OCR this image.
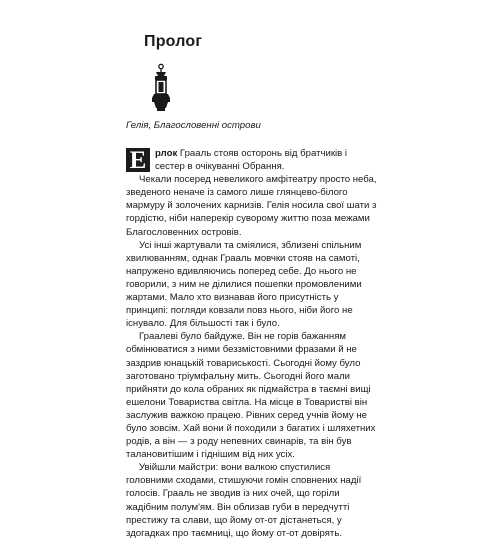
Пролог
Гелія, Благословенні острови

Е рлок Грааль стояв осторонь від братчиків і сестер в очікуванні Обрання.

Чекали посеред невеликого амфітеатру просто неба, зведеного неначе із самого лише глянцево-білого мармуру й золочених карнизів. Гелія носила свої шати з гордістю, ніби наперекір суворому життю поза межами Благословенних островів.

Усі інші жартували та сміялися, зблизені спільним хвилюванням, однак Грааль мовчки стояв на самоті, напружено вдивляючись поперед себе. До нього не говорили, з ним не ділилися пошепки промовленими жартами. Мало хто визнавав його присутність у принципі: погляди ковзали повз нього, ніби його не існувало. Для більшості так і було.

Граалеві було байдуже. Він не горів бажанням обмінюватися з ними беззмістовними фразами й не заздрив юнацькій товариськості. Сьогодні йому було заготовано тріумфальну мить. Сьогодні його мали прийняти до кола обраних як підмайстра в таємні вищі ешелони Товариства світла. На місце в Товаристві він заслужив важкою працею. Рівних серед учнів йому не було зовсім. Хай вони й походили з багатих і шляхетних родів, а він — з роду непевних свинарів, та він був талановитішим і гіднішим від них усіх.

Увійшли майстри: вони валкою спустилися головними сходами, стишуючи гомін сповнених надії голосів. Грааль не зводив із них очей, що горіли жадібним полум'ям. Він облизав губи в передчутті престижу та слави, що йому от-от дістанеться, у здогадках про таємниці, що йому от-от довірять.
